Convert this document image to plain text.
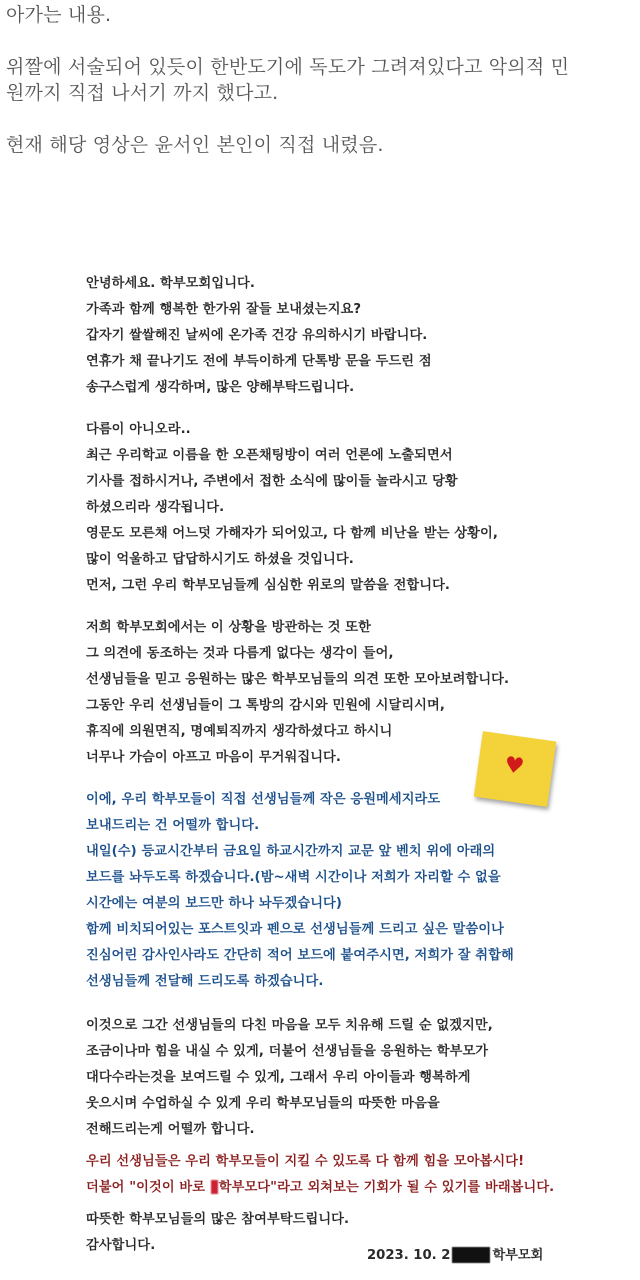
아가는 내용.
위짤에 서술되어 있듯이 한반도기에 독도가 그려져있다고 악의적 민
원까지 직접 나서기 까지 했다고.
현재 해당 영상은 윤서인 본인이 직접 내렸음.
안녕하세요. 학부모회입니다.
가족과 함께 행복한 한가위 잘들 보내셨는지요?
갑자기 쌀쌀해진 날씨에 온가족 건강 유의하시기 바랍니다.
연휴가 채 끝나기도 전에 부득이하게 단톡방 문을 두드린 점
송구스럽게 생각하며, 많은 양해부탁드립니다.
다름이 아니오라..
최근 우리학교 이름을 한 오픈채팅방이 여러 언론에 노출되면서
기사를 접하시거나, 주변에서 접한 소식에 많이들 놀라시고 당황
하셨으리라 생각됩니다.
영문도 모른채 어느덧 가해자가 되어있고, 다 함께 비난을 받는 상황이,
많이 억울하고 답답하시기도 하셨을 것입니다.
먼저, 그런 우리 학부모님들께 심심한 위로의 말씀을 전합니다.
저희 학부모회에서는 이 상황을 방관하는 것 또한
그 의견에 동조하는 것과 다름게 없다는 생각이 들어,
선생님들을 믿고 응원하는 많은 학부모님들의 의견 또한 모아보려합니다.
그동안 우리 선생님들이 그 톡방의 감시와 민원에 시달리시며,
휴직에 의원면직, 명예퇴직까지 생각하셨다고 하시니
너무나 가슴이 아프고 마음이 무거워집니다.
이에, 우리 학부모들이 직접 선생님들께 작은 응원메세지라도
보내드리는 건 어떨까 합니다.
내일(수) 등교시간부터 금요일 하교시간까지 교문 앞 벤치 위에 아래의
보드를 놔두도록 하겠습니다.(밤~새벽 시간이나 저희가 자리할 수 없을
시간에는 여분의 보드만 하나 놔두겠습니다)
함께 비치되어있는 포스트잇과 펜으로 선생님들께 드리고 싶은 말씀이나
진심어린 감사인사라도 간단히 적어 보드에 붙여주시면, 저희가 잘 취합해
선생님들께 전달해 드리도록 하겠습니다.
이것으로 그간 선생님들의 다친 마음을 모두 치유해 드릴 순 없겠지만,
조금이나마 힘을 내실 수 있게, 더불어 선생님들을 응원하는 학부모가
대다수라는것을 보여드릴 수 있게, 그래서 우리 아이들과 행복하게
웃으시며 수업하실 수 있게 우리 학부모님들의 따뜻한 마음을
전해드리는게 어떨까 합니다.
우리 선생님들은 우리 학부모들이 지킬 수 있도록 다 함께 힘을 모아봅시다!
더불어 "이것이 바로 학부모다"라고 외쳐보는 기회가 될 수 있기를 바래봅니다.
따뜻한 학부모님들의 많은 참여부탁드립니다.
감사합니다.
2023. 10. 2	학부모회
♥
